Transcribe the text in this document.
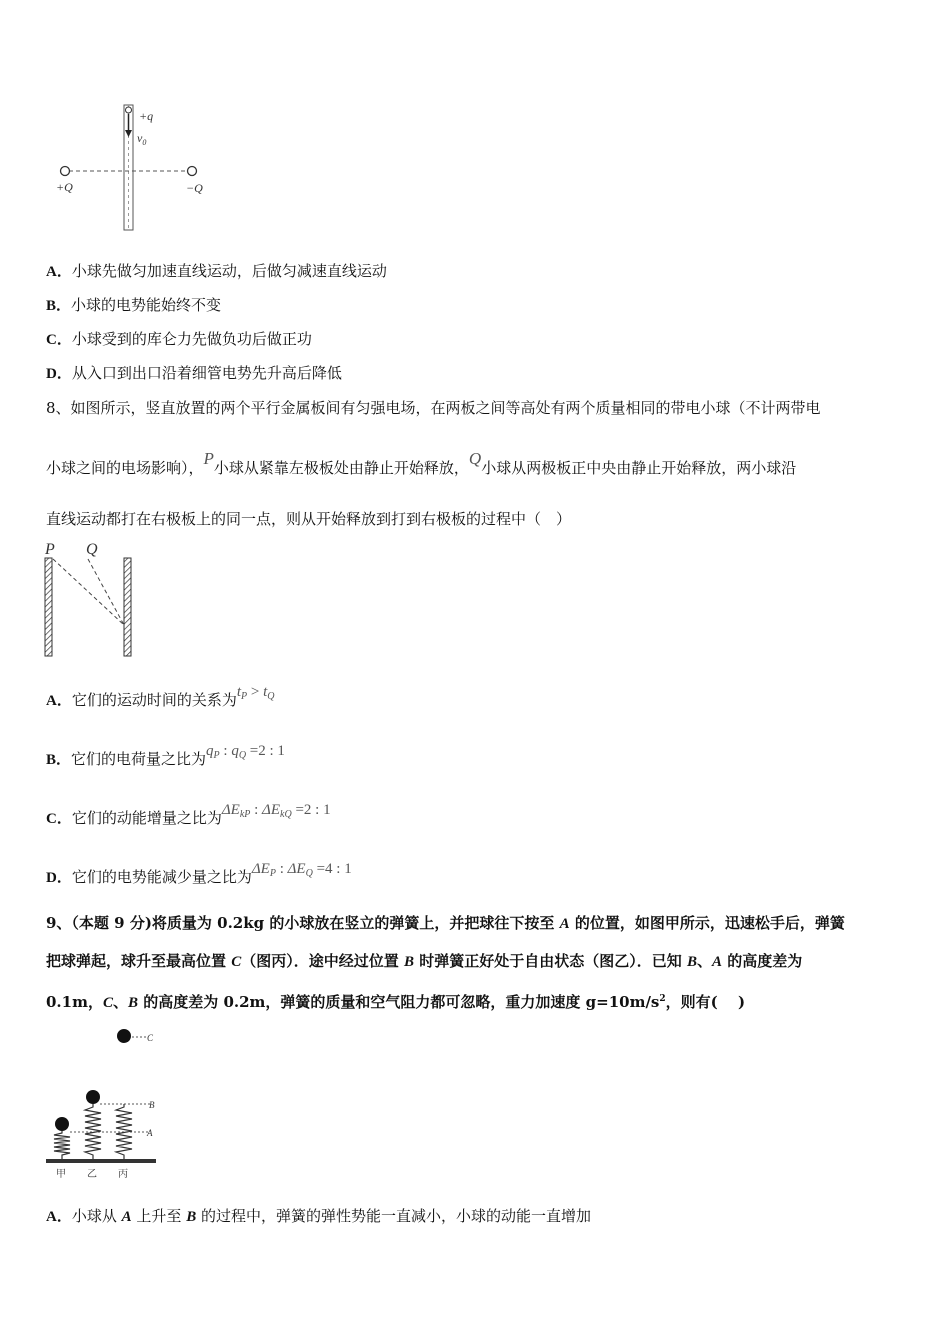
+q
$v_0$
+Q	−Q
A．小球先做匀加速直线运动，后做匀减速直线运动
B．小球的电势能始终不变
C．小球受到的库仑力先做负功后做正功
D．从入口到出口沿着细管电势先升高后降低
8、如图所示，竖直放置的两个平行金属板间有匀强电场，在两板之间等高处有两个质量相同的带电小球（不计两带电
小球之间的电场影响），P小球从紧靠左极板处由静止开始释放，Q小球从两极板正中央由静止开始释放，两小球沿
直线运动都打在右极板上的同一点，则从开始释放到打到右极板的过程中（　）
P Q
A．它们的运动时间的关系为$t_P > t_Q$
B．它们的电荷量之比为$q_P$ : $q_Q =2$ : 1
C．它们的动能增量之比为$\Delta E_{kP}$ : $\Delta E_{kQ} =2$ : 1
D．它们的电势能减少量之比为$\Delta E_P$ : $\Delta E_Q =4$ : 1
9、（本题 9 分)将质量为 0.2kg 的小球放在竖立的弹簧上，并把球往下按至 A 的位置，如图甲所示，迅速松手后，弹簧
把球弹起，球升至最高位置 C（图丙）．途中经过位置 B 时弹簧正好处于自由状态（图乙）．已知 B、A 的高度差为
0.1m，C、B 的高度差为 0.2m，弹簧的质量和空气阻力都可忽略，重力加速度 $g=10m/s^2$，则有(　 )
C
B
A
甲 乙 丙
A．小球从 A 上升至 B 的过程中，弹簧的弹性势能一直减小，小球的动能一直增加
